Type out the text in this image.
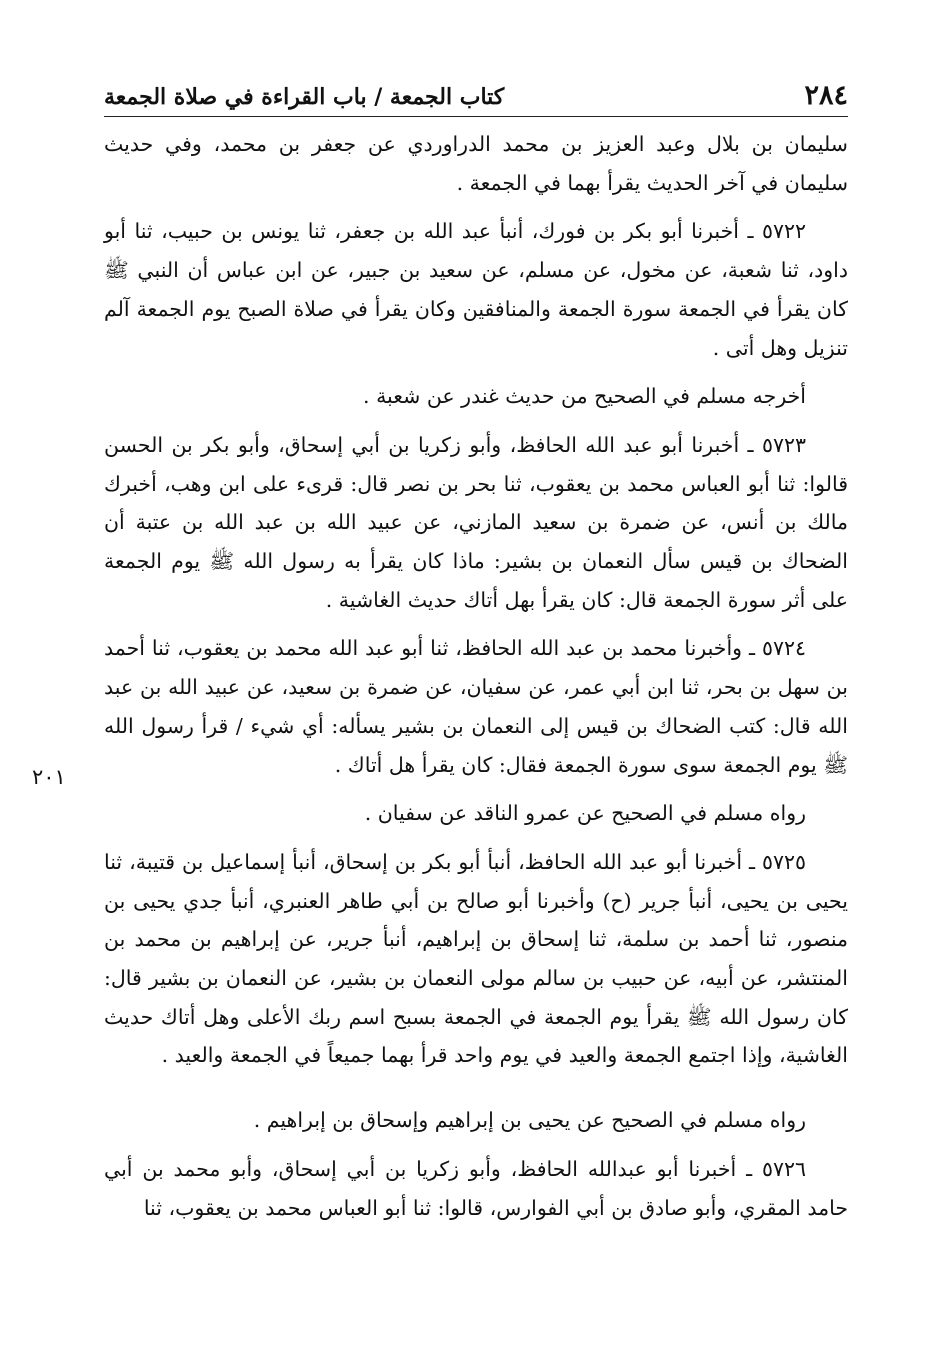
٢٨٤
كتاب الجمعة / باب القراءة في صلاة الجمعة
٢٠١

سليمان بن بلال وعبد العزيز بن محمد الدراوردي عن جعفر بن محمد، وفي حديث سليمان في آخر الحديث يقرأ بهما في الجمعة .

٥٧٢٢ ـ أخبرنا أبو بكر بن فورك، أنبأ عبد الله بن جعفر، ثنا يونس بن حبيب، ثنا أبو داود، ثنا شعبة، عن مخول، عن مسلم، عن سعيد بن جبير، عن ابن عباس أن النبي ﷺ كان يقرأ في الجمعة سورة الجمعة والمنافقين وكان يقرأ في صلاة الصبح يوم الجمعة آلم تنزيل وهل أتى .

أخرجه مسلم في الصحيح من حديث غندر عن شعبة .

٥٧٢٣ ـ أخبرنا أبو عبد الله الحافظ، وأبو زكريا بن أبي إسحاق، وأبو بكر بن الحسن قالوا: ثنا أبو العباس محمد بن يعقوب، ثنا بحر بن نصر قال: قرىء على ابن وهب، أخبرك مالك بن أنس، عن ضمرة بن سعيد المازني، عن عبيد الله بن عبد الله بن عتبة أن الضحاك بن قيس سأل النعمان بن بشير: ماذا كان يقرأ به رسول الله ﷺ يوم الجمعة على أثر سورة الجمعة قال: كان يقرأ بهل أتاك حديث الغاشية .

٥٧٢٤ ـ وأخبرنا محمد بن عبد الله الحافظ، ثنا أبو عبد الله محمد بن يعقوب، ثنا أحمد بن سهل بن بحر، ثنا ابن أبي عمر، عن سفيان، عن ضمرة بن سعيد، عن عبيد الله بن عبد الله قال: كتب الضحاك بن قيس إلى النعمان بن بشير يسأله: أي شيء / قرأ رسول الله ﷺ يوم الجمعة سوى سورة الجمعة فقال: كان يقرأ هل أتاك .

رواه مسلم في الصحيح عن عمرو الناقد عن سفيان .

٥٧٢٥ ـ أخبرنا أبو عبد الله الحافظ، أنبأ أبو بكر بن إسحاق، أنبأ إسماعيل بن قتيبة، ثنا يحيى بن يحيى، أنبأ جرير (ح) وأخبرنا أبو صالح بن أبي طاهر العنبري، أنبأ جدي يحيى بن منصور، ثنا أحمد بن سلمة، ثنا إسحاق بن إبراهيم، أنبأ جرير، عن إبراهيم بن محمد بن المنتشر، عن أبيه، عن حبيب بن سالم مولى النعمان بن بشير، عن النعمان بن بشير قال: كان رسول الله ﷺ يقرأ يوم الجمعة في الجمعة بسبح اسم ربك الأعلى وهل أتاك حديث الغاشية، وإذا اجتمع الجمعة والعيد في يوم واحد قرأ بهما جميعاً في الجمعة والعيد .

رواه مسلم في الصحيح عن يحيى بن إبراهيم وإسحاق بن إبراهيم .

٥٧٢٦ ـ أخبرنا أبو عبدالله الحافظ، وأبو زكريا بن أبي إسحاق، وأبو محمد بن أبي حامد المقري، وأبو صادق بن أبي الفوارس، قالوا: ثنا أبو العباس محمد بن يعقوب، ثنا
